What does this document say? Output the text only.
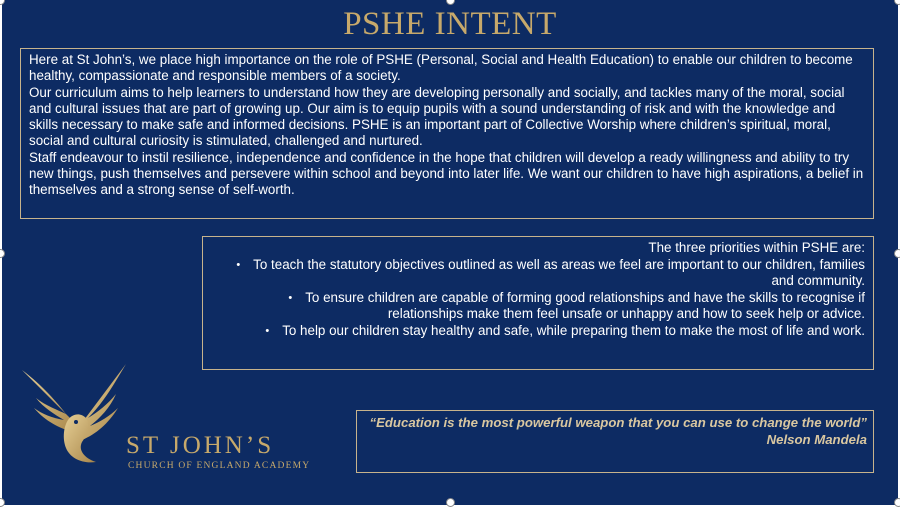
PSHE INTENT

Here at St John’s, we place high importance on the role of PSHE (Personal, Social and Health Education) to enable our children to become healthy, compassionate and responsible members of a society.

Our curriculum aims to help learners to understand how they are developing personally and socially, and tackles many of the moral, social and cultural issues that are part of growing up. Our aim is to equip pupils with a sound understanding of risk and with the knowledge and skills necessary to make safe and informed decisions. PSHE is an important part of Collective Worship where children’s spiritual, moral, social and cultural curiosity is stimulated, challenged and nurtured.

Staff endeavour to instil resilience, independence and confidence in the hope that children will develop a ready willingness and ability to try new things, push themselves and persevere within school and beyond into later life. We want our children to have high aspirations, a belief in themselves and a strong sense of self-worth.

The three priorities within PSHE are:

• To teach the statutory objectives outlined as well as areas we feel are important to our children, families and community.
• To ensure children are capable of forming good relationships and have the skills to recognise if relationships make them feel unsafe or unhappy and how to seek help or advice.
• To help our children stay healthy and safe, while preparing them to make the most of life and work.

“Education is the most powerful weapon that you can use to change the world”

Nelson Mandela

ST JOHN’S
CHURCH OF ENGLAND ACADEMY
